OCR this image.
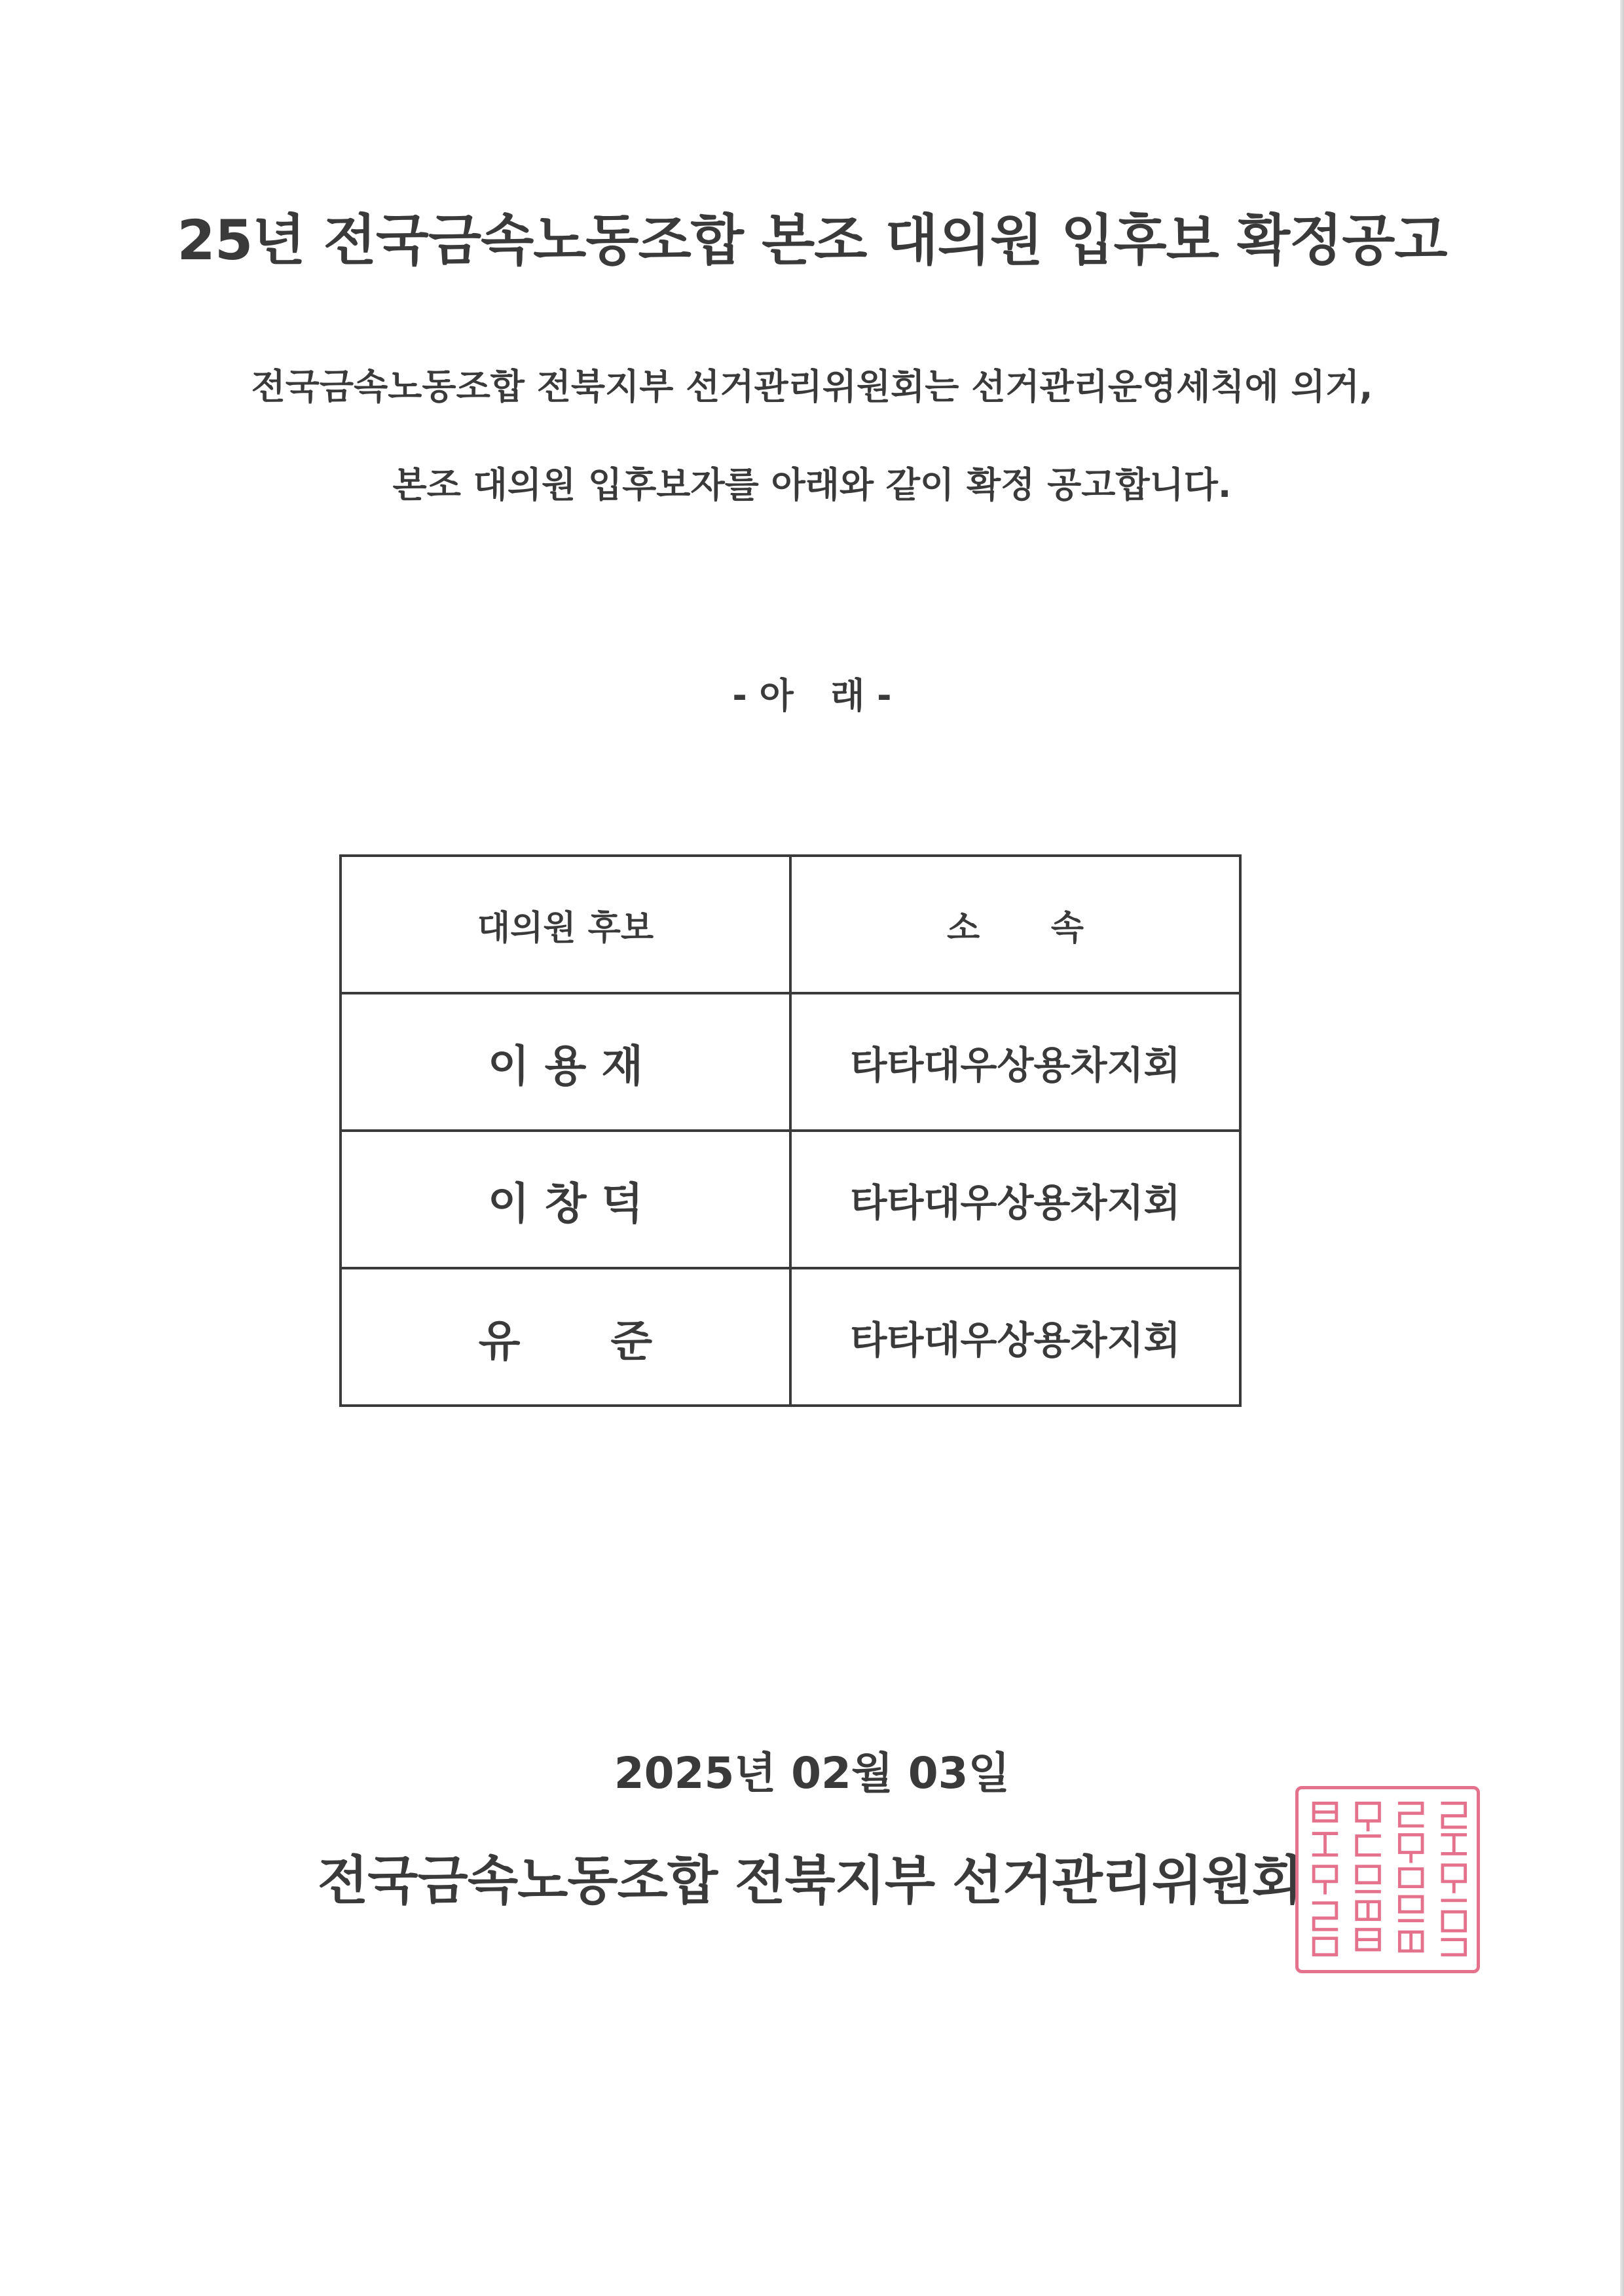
25년 전국금속노동조합 본조 대의원 입후보 확정공고
전국금속노동조합 전북지부 선거관리위원회는 선거관리운영세칙에 의거,
본조 대의원 입후보자를 아래와 같이 확정 공고합니다.
- 아   래 -
대의원 후보	소      속
이 용 재	타타대우상용차지회
이 창 덕	타타대우상용차지회
유      준	타타대우상용차지회
2025년 02월 03일
전국금속노동조합 전북지부 선거관리위원회
